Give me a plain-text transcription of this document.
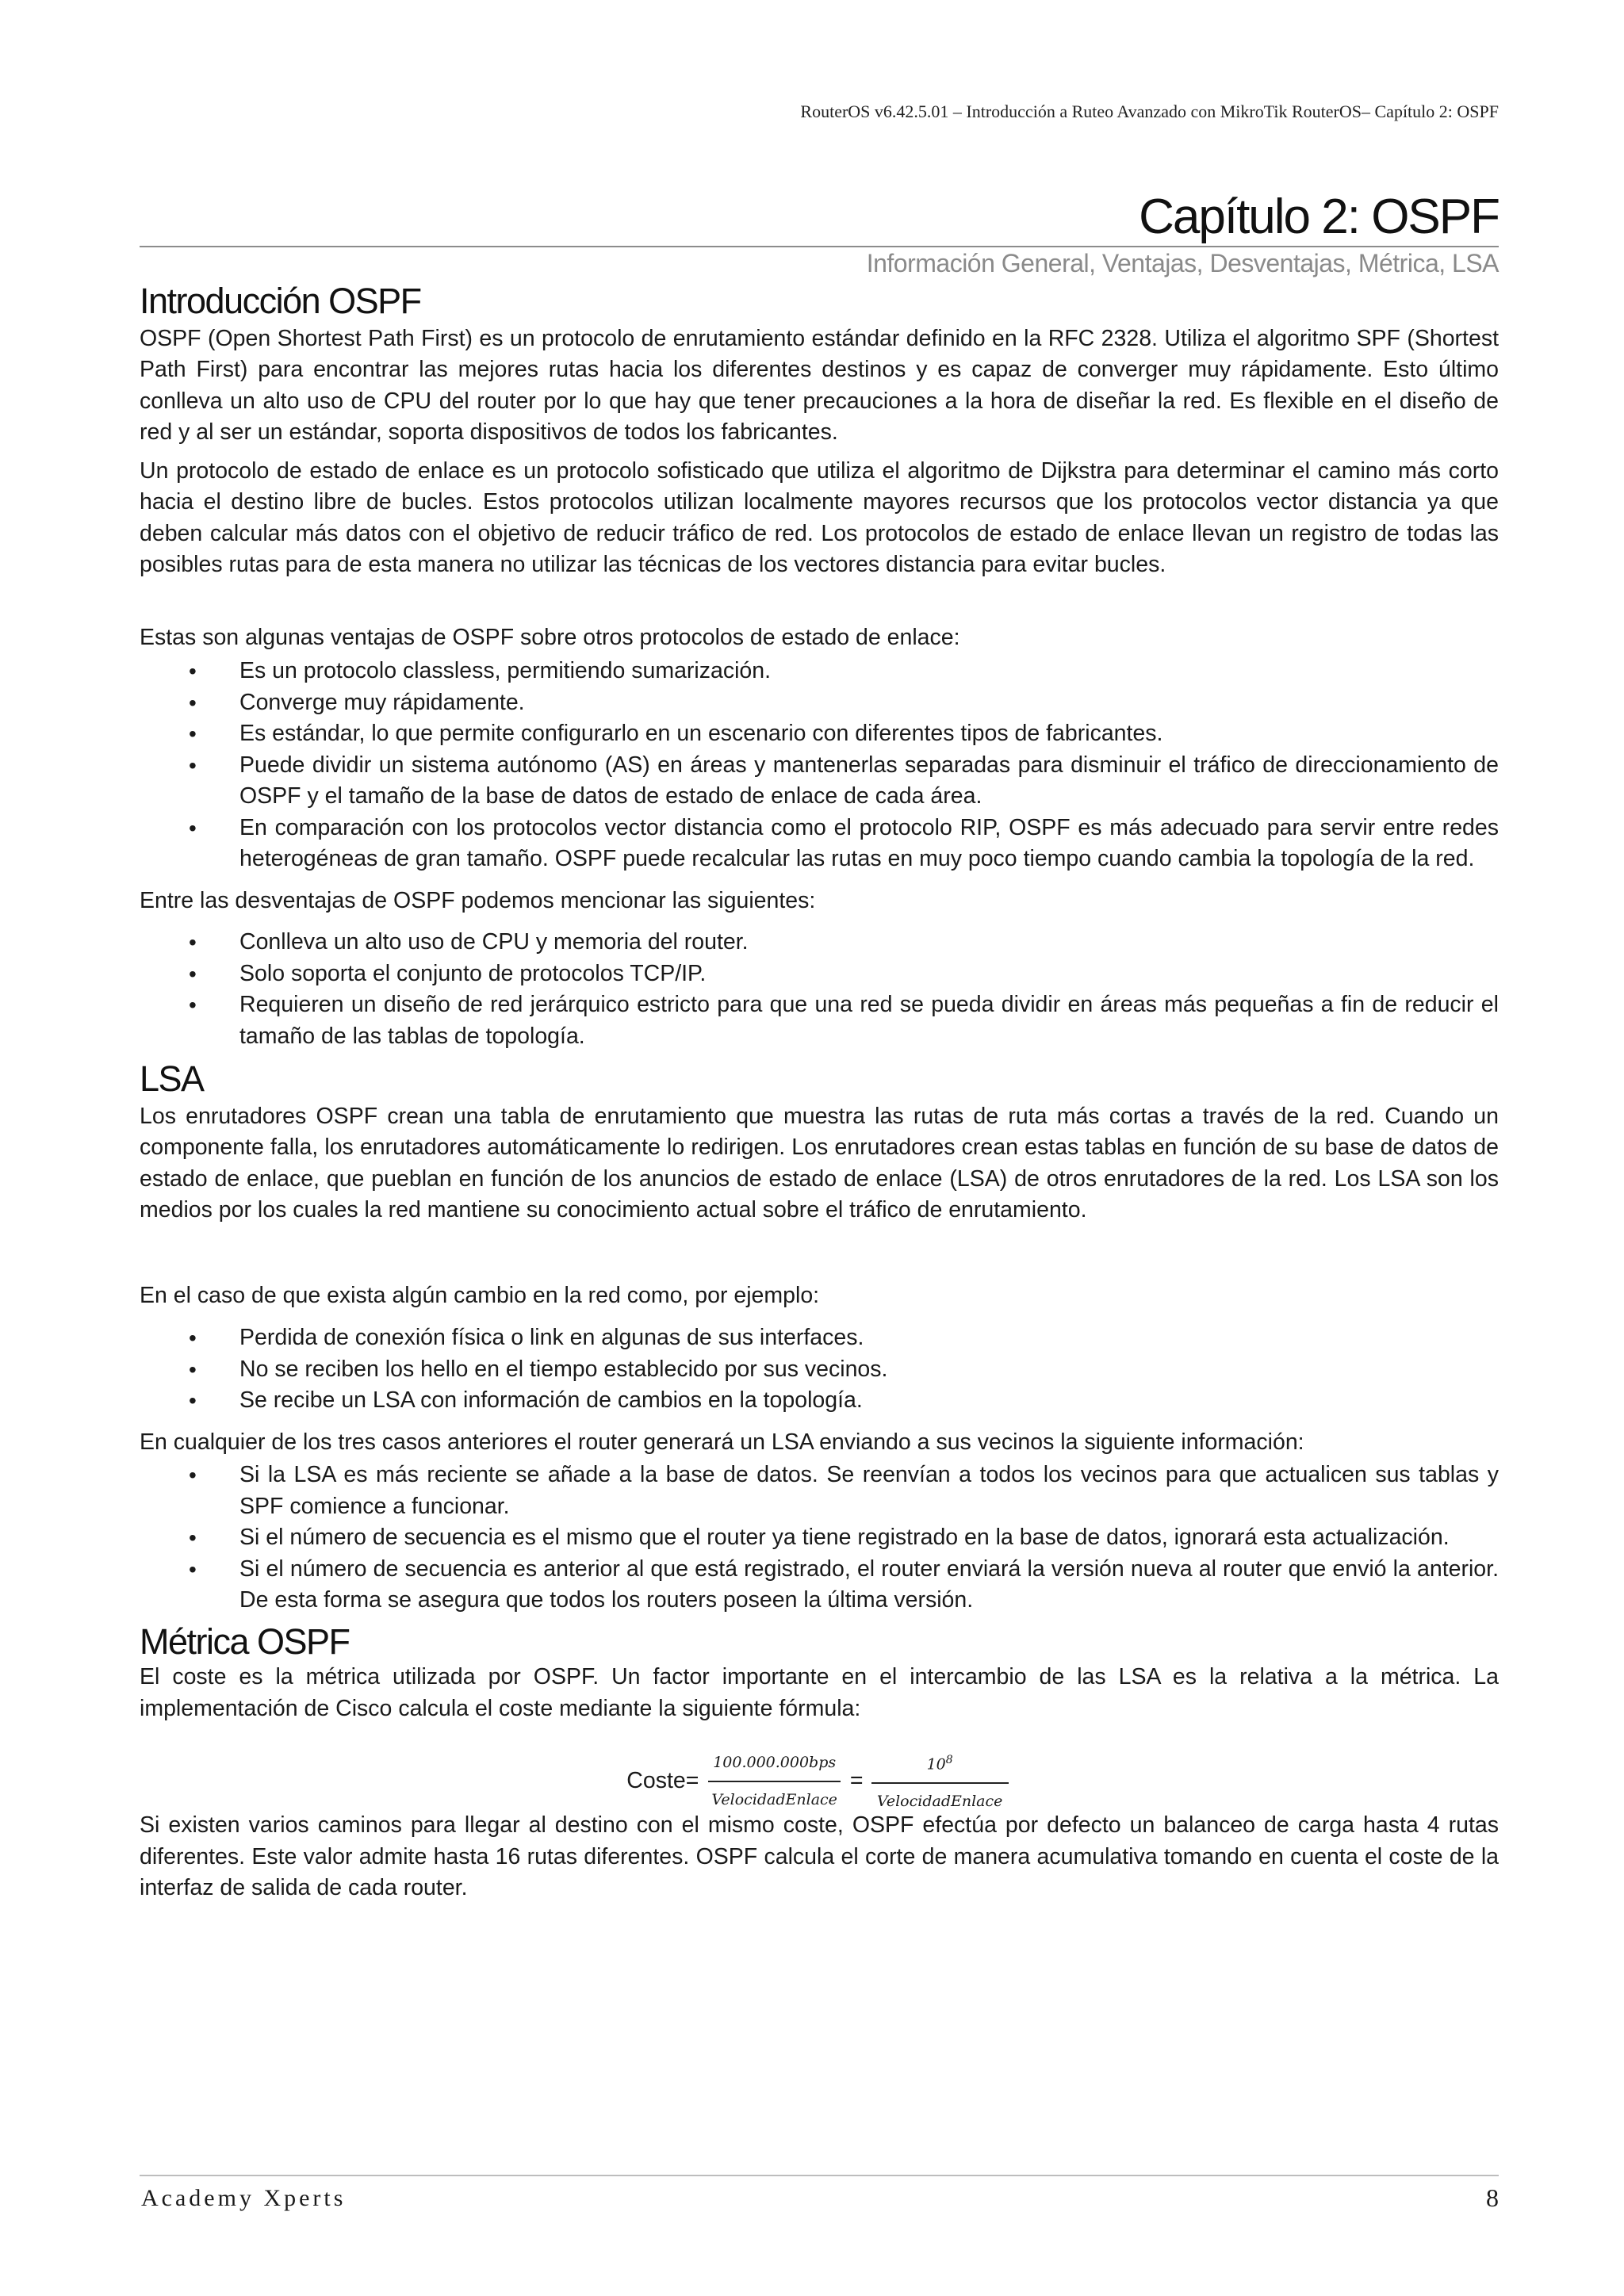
RouterOS v6.42.5.01 – Introducción a Ruteo Avanzado con MikroTik RouterOS– Capítulo 2: OSPF
Capítulo 2: OSPF
Información General, Ventajas, Desventajas, Métrica, LSA
Introducción OSPF

OSPF (Open Shortest Path First) es un protocolo de enrutamiento estándar definido en la RFC 2328. Utiliza el algoritmo SPF (Shortest Path First) para encontrar las mejores rutas hacia los diferentes destinos y es capaz de converger muy rápidamente. Esto último conlleva un alto uso de CPU del router por lo que hay que tener precauciones a la hora de diseñar la red. Es flexible en el diseño de red y al ser un estándar, soporta dispositivos de todos los fabricantes.

Un protocolo de estado de enlace es un protocolo sofisticado que utiliza el algoritmo de Dijkstra para determinar el camino más corto hacia el destino libre de bucles. Estos protocolos utilizan localmente mayores recursos que los protocolos vector distancia ya que deben calcular más datos con el objetivo de reducir tráfico de red. Los protocolos de estado de enlace llevan un registro de todas las posibles rutas para de esta manera no utilizar las técnicas de los vectores distancia para evitar bucles.

Estas son algunas ventajas de OSPF sobre otros protocolos de estado de enlace:

• Es un protocolo classless, permitiendo sumarización.
• Converge muy rápidamente.
• Es estándar, lo que permite configurarlo en un escenario con diferentes tipos de fabricantes.
• Puede dividir un sistema autónomo (AS) en áreas y mantenerlas separadas para disminuir el tráfico de direccionamiento de OSPF y el tamaño de la base de datos de estado de enlace de cada área.
• En comparación con los protocolos vector distancia como el protocolo RIP, OSPF es más adecuado para servir entre redes heterogéneas de gran tamaño. OSPF puede recalcular las rutas en muy poco tiempo cuando cambia la topología de la red.

Entre las desventajas de OSPF podemos mencionar las siguientes:

• Conlleva un alto uso de CPU y memoria del router.
• Solo soporta el conjunto de protocolos TCP/IP.
• Requieren un diseño de red jerárquico estricto para que una red se pueda dividir en áreas más pequeñas a fin de reducir el tamaño de las tablas de topología.
LSA

Los enrutadores OSPF crean una tabla de enrutamiento que muestra las rutas de ruta más cortas a través de la red. Cuando un componente falla, los enrutadores automáticamente lo redirigen. Los enrutadores crean estas tablas en función de su base de datos de estado de enlace, que pueblan en función de los anuncios de estado de enlace (LSA) de otros enrutadores de la red. Los LSA son los medios por los cuales la red mantiene su conocimiento actual sobre el tráfico de enrutamiento.

En el caso de que exista algún cambio en la red como, por ejemplo:

• Perdida de conexión física o link en algunas de sus interfaces.
• No se reciben los hello en el tiempo establecido por sus vecinos.
• Se recibe un LSA con información de cambios en la topología.

En cualquier de los tres casos anteriores el router generará un LSA enviando a sus vecinos la siguiente información:

• Si la LSA es más reciente se añade a la base de datos. Se reenvían a todos los vecinos para que actualicen sus tablas y SPF comience a funcionar.
• Si el número de secuencia es el mismo que el router ya tiene registrado en la base de datos, ignorará esta actualización.
• Si el número de secuencia es anterior al que está registrado, el router enviará la versión nueva al router que envió la anterior. De esta forma se asegura que todos los routers poseen la última versión.
Métrica OSPF

El coste es la métrica utilizada por OSPF. Un factor importante en el intercambio de las LSA es la relativa a la métrica. La implementación de Cisco calcula el coste mediante la siguiente fórmula:

Coste= $\frac{\text{100.000.000bps}}{\text{VelocidadEnlace}} = \frac{10^8}{\text{VelocidadEnlace}}$

Si existen varios caminos para llegar al destino con el mismo coste, OSPF efectúa por defecto un balanceo de carga hasta 4 rutas diferentes. Este valor admite hasta 16 rutas diferentes. OSPF calcula el corte de manera acumulativa tomando en cuenta el coste de la interfaz de salida de cada router.

Academy Xperts	8
